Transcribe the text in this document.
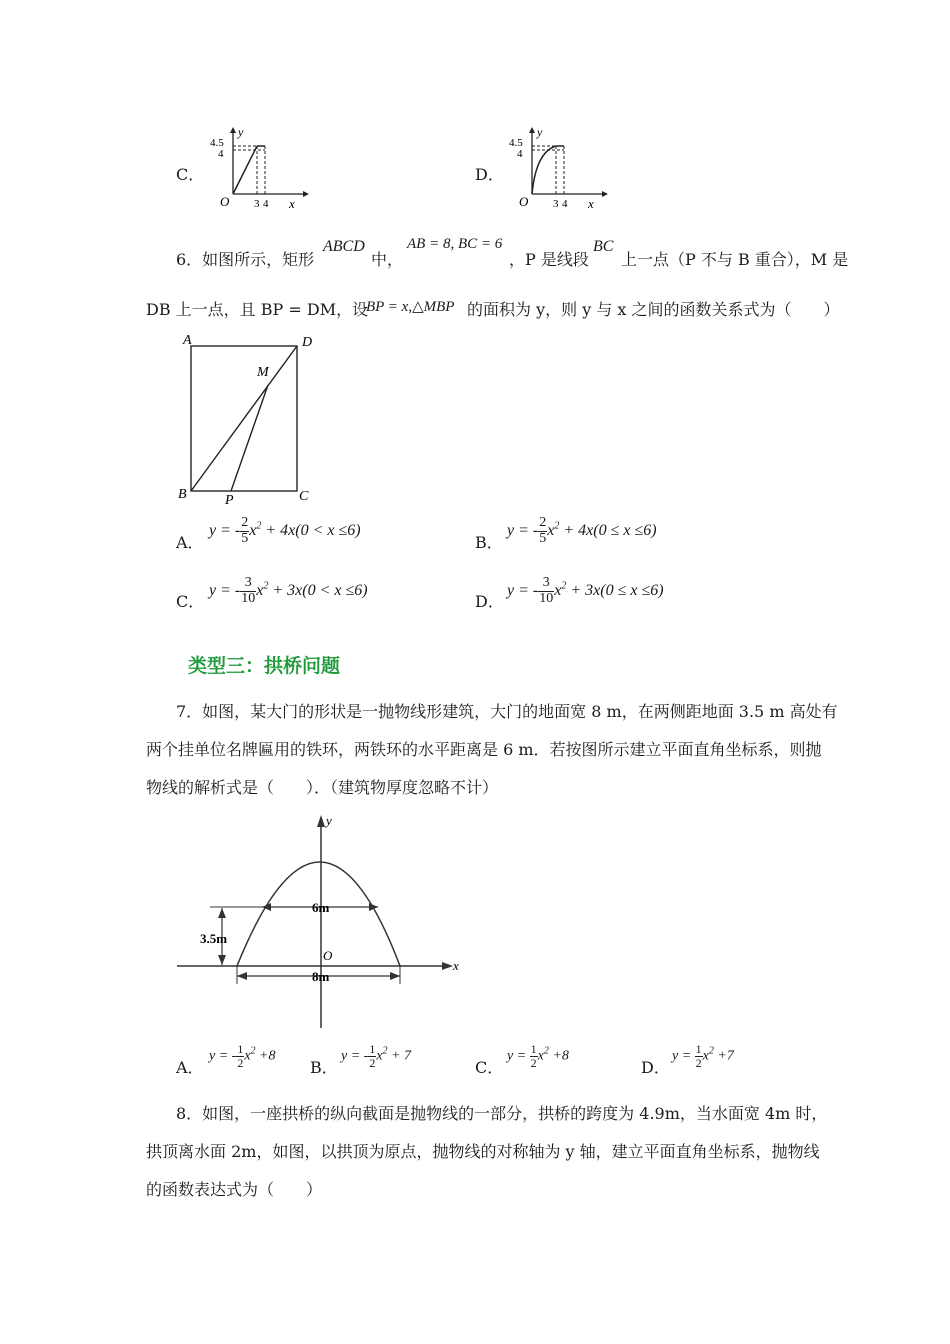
C．
4.5
4
y
O 3 4 x
D．
4.5
4
y
O 3 4 x
6．如图所示，矩形
ABCD
中，
AB = 8, BC = 6
，P 是线段
BC
上一点（P 不与 B 重合），M 是
DB 上一点，且 BP = DM，设
BP = x,△MBP 的面积为 y，则 y 与 x 之间的函数关系式为（　　）
A	D
M
B	P	C
A．
y = - $\frac{2}{5} x^2 + 4x(0 < x \le 6)$
B．
y = - $\frac{2}{5} x^2 + 4x(0 \le x \le 6)$
C．
y = - $\frac{3}{10} x^2 + 3x(0 < x \le 6)$
D．
y = - $\frac{3}{10} x^2 + 3x(0 \le x \le 6)$
类型三：拱桥问题
7．如图，某大门的形状是一抛物线形建筑，大门的地面宽 8 m，在两侧距地面 3.5 m 高处有
两个挂单位名牌匾用的铁环，两铁环的水平距离是 6 m．若按图所示建立平面直角坐标系，则抛
物线的解析式是（　　）．（建筑物厚度忽略不计）
y
x
O
6m
8m
3.5m
A．
y = - $\frac{1}{2} x^2 +8$
B．
y = - $\frac{1}{2} x^2 + 7$
C．
$y = \frac{1}{2} x^2 +8$
D．
$y = \frac{1}{2} x^2 +7$
8．如图，一座拱桥的纵向截面是抛物线的一部分，拱桥的跨度为 4.9m，当水面宽 4m 时，
拱顶离水面 2m，如图，以拱顶为原点，抛物线的对称轴为 y 轴，建立平面直角坐标系，抛物线
的函数表达式为（　　）
